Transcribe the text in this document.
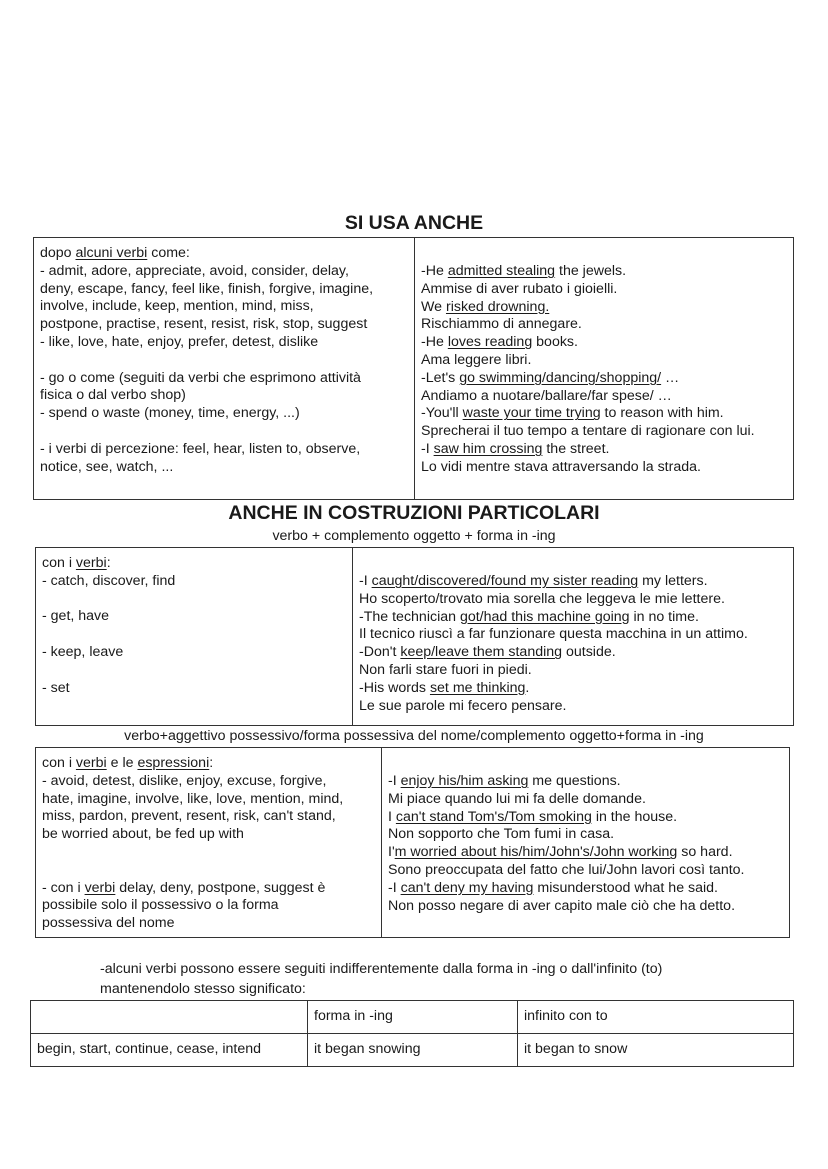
SI USA ANCHE
dopo alcuni verbi come:
- admit, adore, appreciate, avoid, consider, delay,
deny, escape, fancy, feel like, finish, forgive, imagine,
involve, include, keep, mention, mind, miss,
postpone, practise, resent, resist, risk, stop, suggest
- like, love, hate, enjoy, prefer, detest, dislike
- go o come (seguiti da verbi che esprimono attività
fisica o dal verbo shop)
- spend o waste (money, time, energy, ...)
- i verbi di percezione: feel, hear, listen to, observe,
notice, see, watch, ...
-He admitted stealing the jewels.
Ammise di aver rubato i gioielli.
We risked drowning.
Rischiammo di annegare.
-He loves reading books.
Ama leggere libri.
-Let's go swimming/dancing/shopping/ …
Andiamo a nuotare/ballare/far spese/ …
-You'll waste your time trying to reason with him.
Sprecherai il tuo tempo a tentare di ragionare con lui.
-I saw him crossing the street.
Lo vidi mentre stava attraversando la strada.
ANCHE IN COSTRUZIONI PARTICOLARI
verbo + complemento oggetto + forma in -ing
con i verbi:
- catch, discover, find
- get, have
- keep, leave
- set
-I caught/discovered/found my sister reading my letters.
Ho scoperto/trovato mia sorella che leggeva le mie lettere.
-The technician got/had this machine going in no time.
Il tecnico riuscì a far funzionare questa macchina in un attimo.
-Don't keep/leave them standing outside.
Non farli stare fuori in piedi.
-His words set me thinking.
Le sue parole mi fecero pensare.
verbo+aggettivo possessivo/forma possessiva del nome/complemento oggetto+forma in -ing
con i verbi e le espressioni:
- avoid, detest, dislike, enjoy, excuse, forgive,
hate, imagine, involve, like, love, mention, mind,
miss, pardon, prevent, resent, risk, can't stand,
be worried about, be fed up with
- con i verbi delay, deny, postpone, suggest è
possibile solo il possessivo o la forma
possessiva del nome
-I enjoy his/him asking me questions.
Mi piace quando lui mi fa delle domande.
I can't stand Tom's/Tom smoking in the house.
Non sopporto che Tom fumi in casa.
I'm worried about his/him/John's/John working so hard.
Sono preoccupata del fatto che lui/John lavori così tanto.
-I can't deny my having misunderstood what he said.
Non posso negare di aver capito male ciò che ha detto.
-alcuni verbi possono essere seguiti indifferentemente dalla forma in -ing o dall'infinito (to)
mantenendolo stesso significato:
	forma in -ing	infinito con to
begin, start, continue, cease, intend	it began snowing	it began to snow
